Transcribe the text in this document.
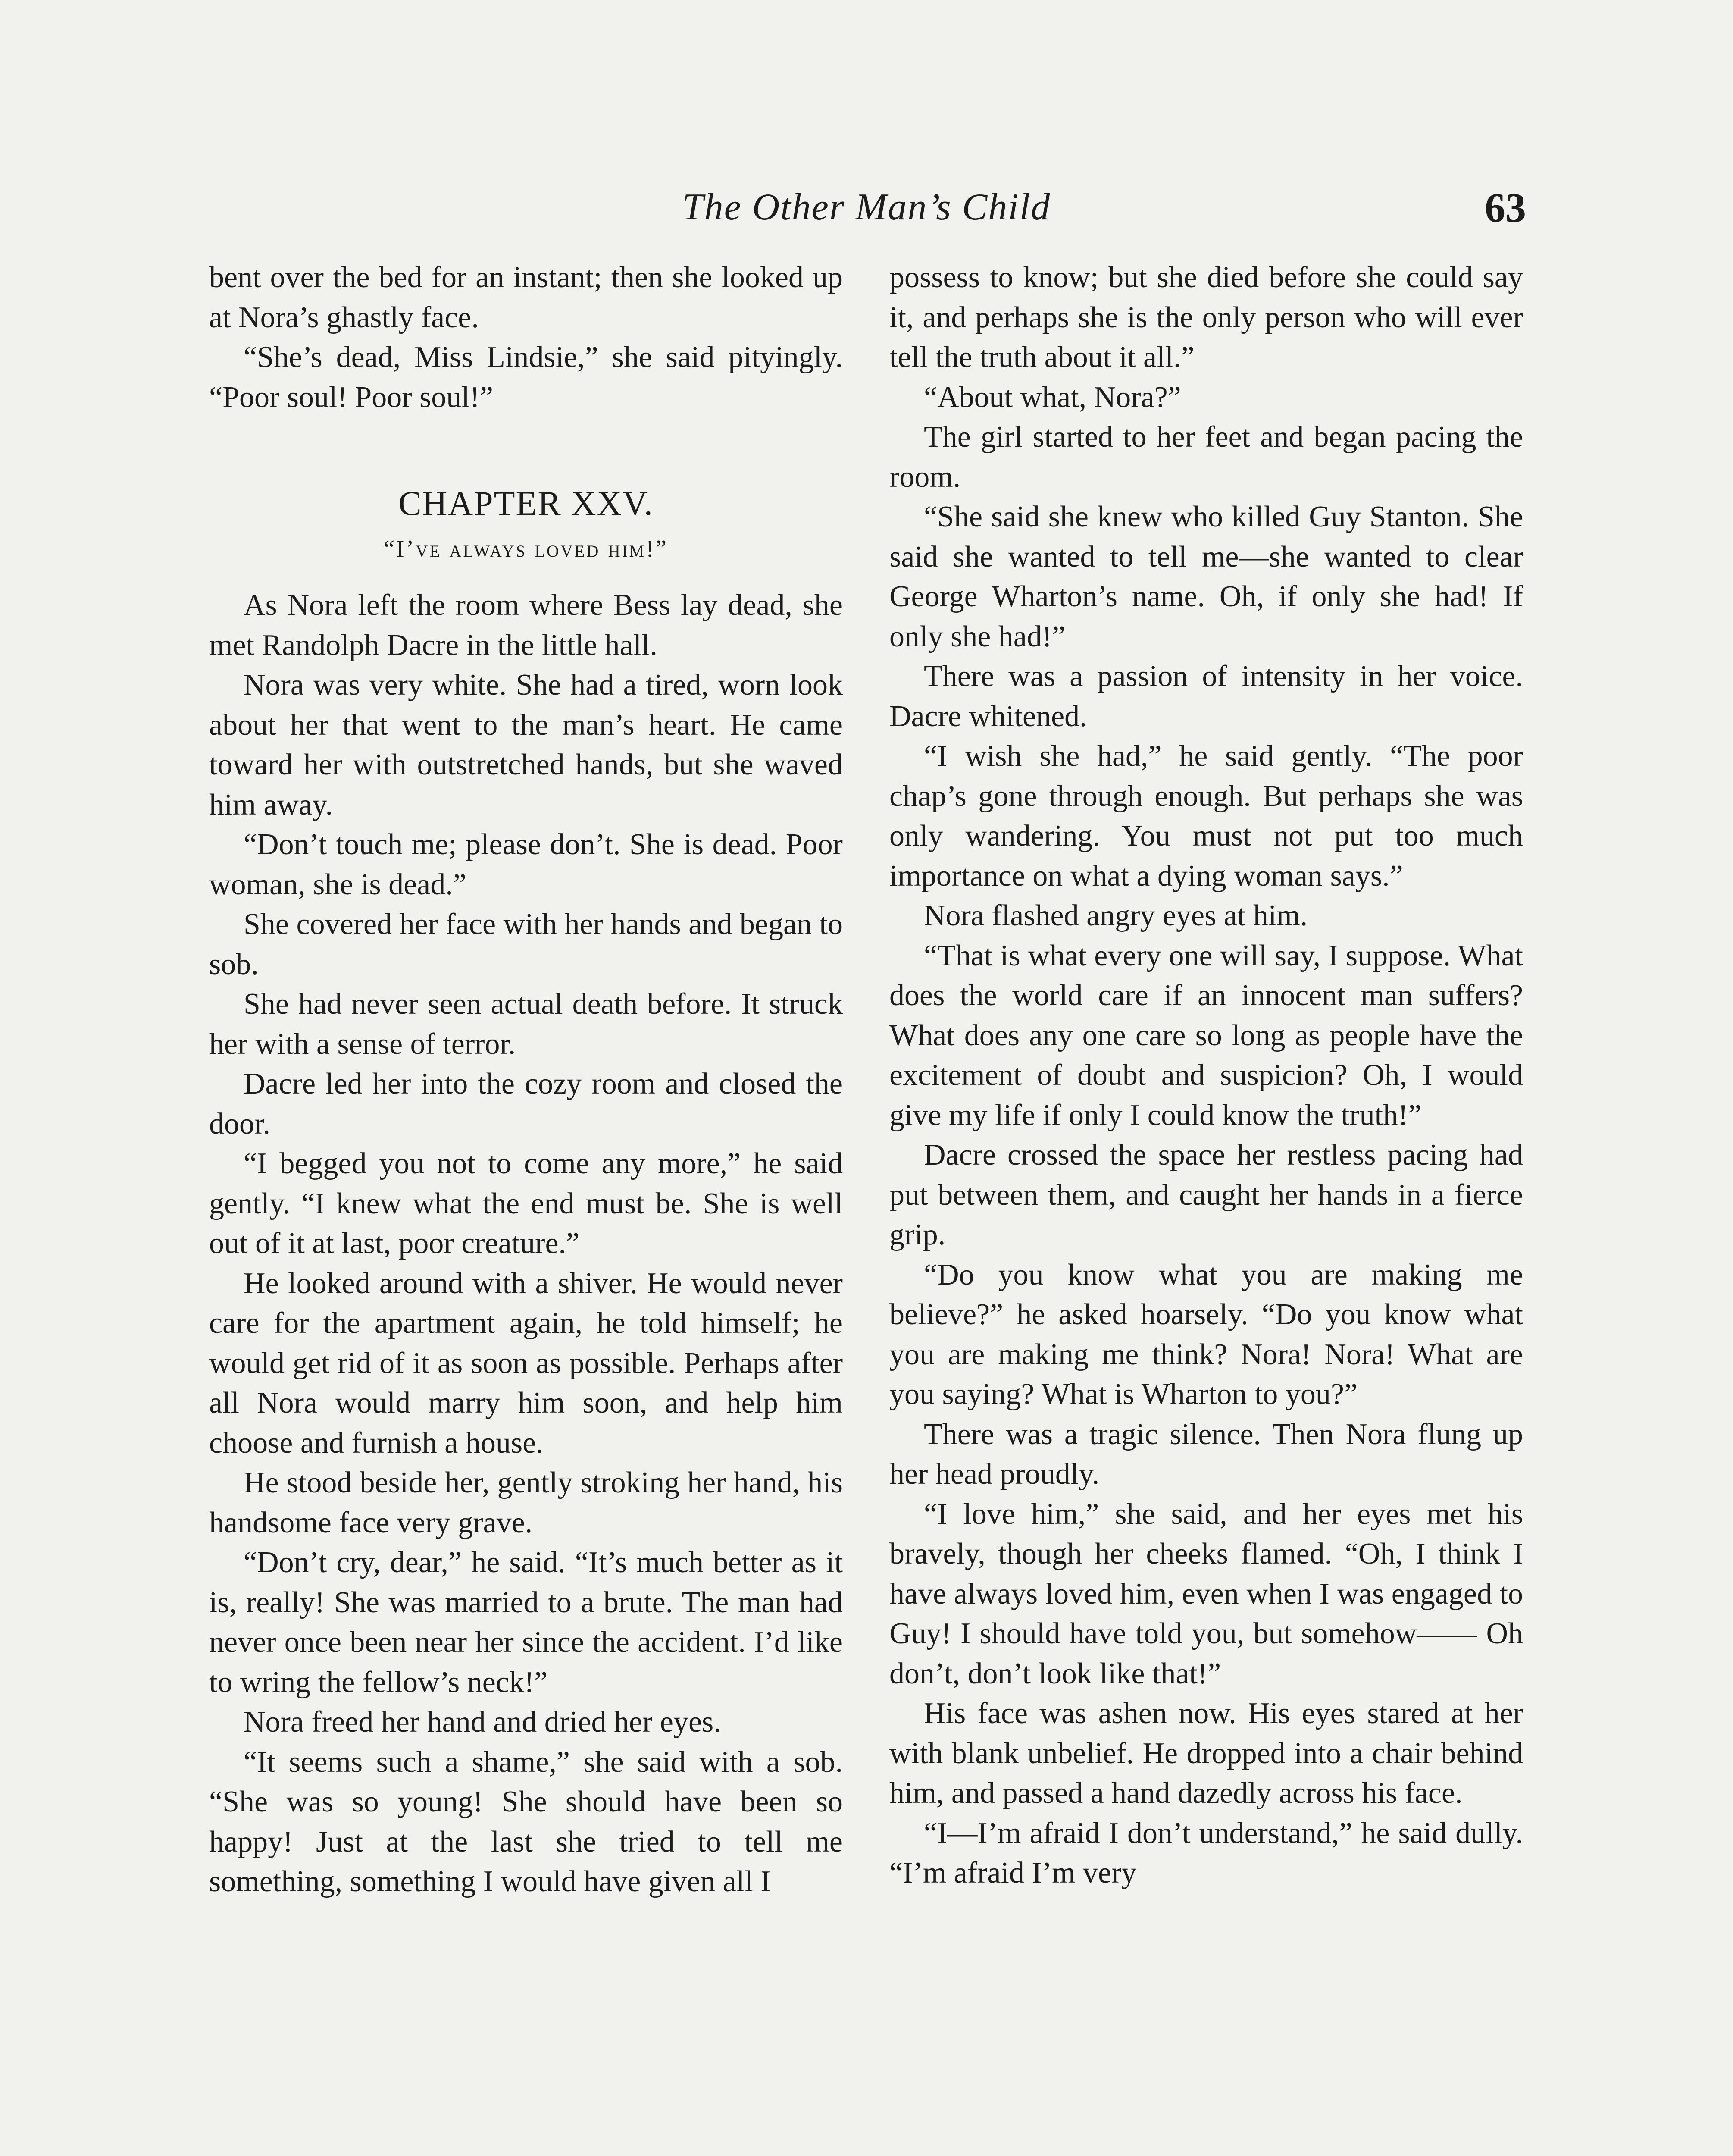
The Other Man’s Child	63

bent over the bed for an instant; then she looked up at Nora’s ghastly face.

“She’s dead, Miss Lindsie,” she said pityingly. “Poor soul! Poor soul!”

CHAPTER XXV.
“I’ve always loved him!”

As Nora left the room where Bess lay dead, she met Randolph Dacre in the little hall.

Nora was very white. She had a tired, worn look about her that went to the man’s heart. He came toward her with outstretched hands, but she waved him away.

“Don’t touch me; please don’t. She is dead. Poor woman, she is dead.”

She covered her face with her hands and began to sob.

She had never seen actual death before. It struck her with a sense of terror.

Dacre led her into the cozy room and closed the door.

“I begged you not to come any more,” he said gently. “I knew what the end must be. She is well out of it at last, poor creature.”

He looked around with a shiver. He would never care for the apartment again, he told himself; he would get rid of it as soon as possible. Perhaps after all Nora would marry him soon, and help him choose and furnish a house.

He stood beside her, gently stroking her hand, his handsome face very grave.

“Don’t cry, dear,” he said. “It’s much better as it is, really! She was married to a brute. The man had never once been near her since the accident. I’d like to wring the fellow’s neck!”

Nora freed her hand and dried her eyes.

“It seems such a shame,” she said with a sob. “She was so young! She should have been so happy! Just at the last she tried to tell me something, something I would have given all I

possess to know; but she died before she could say it, and perhaps she is the only person who will ever tell the truth about it all.”

“About what, Nora?”

The girl started to her feet and began pacing the room.

“She said she knew who killed Guy Stanton. She said she wanted to tell me—she wanted to clear George Wharton’s name. Oh, if only she had! If only she had!”

There was a passion of intensity in her voice. Dacre whitened.

“I wish she had,” he said gently. “The poor chap’s gone through enough. But perhaps she was only wandering. You must not put too much importance on what a dying woman says.”

Nora flashed angry eyes at him.

“That is what every one will say, I suppose. What does the world care if an innocent man suffers? What does any one care so long as people have the excitement of doubt and suspicion? Oh, I would give my life if only I could know the truth!”

Dacre crossed the space her restless pacing had put between them, and caught her hands in a fierce grip.

“Do you know what you are making me believe?” he asked hoarsely. “Do you know what you are making me think? Nora! Nora! What are you saying? What is Wharton to you?”

There was a tragic silence. Then Nora flung up her head proudly.

“I love him,” she said, and her eyes met his bravely, though her cheeks flamed. “Oh, I think I have always loved him, even when I was engaged to Guy! I should have told you, but somehow—— Oh don’t, don’t look like that!”

His face was ashen now. His eyes stared at her with blank unbelief. He dropped into a chair behind him, and passed a hand dazedly across his face.

“I—I’m afraid I don’t understand,” he said dully. “I’m afraid I’m very
